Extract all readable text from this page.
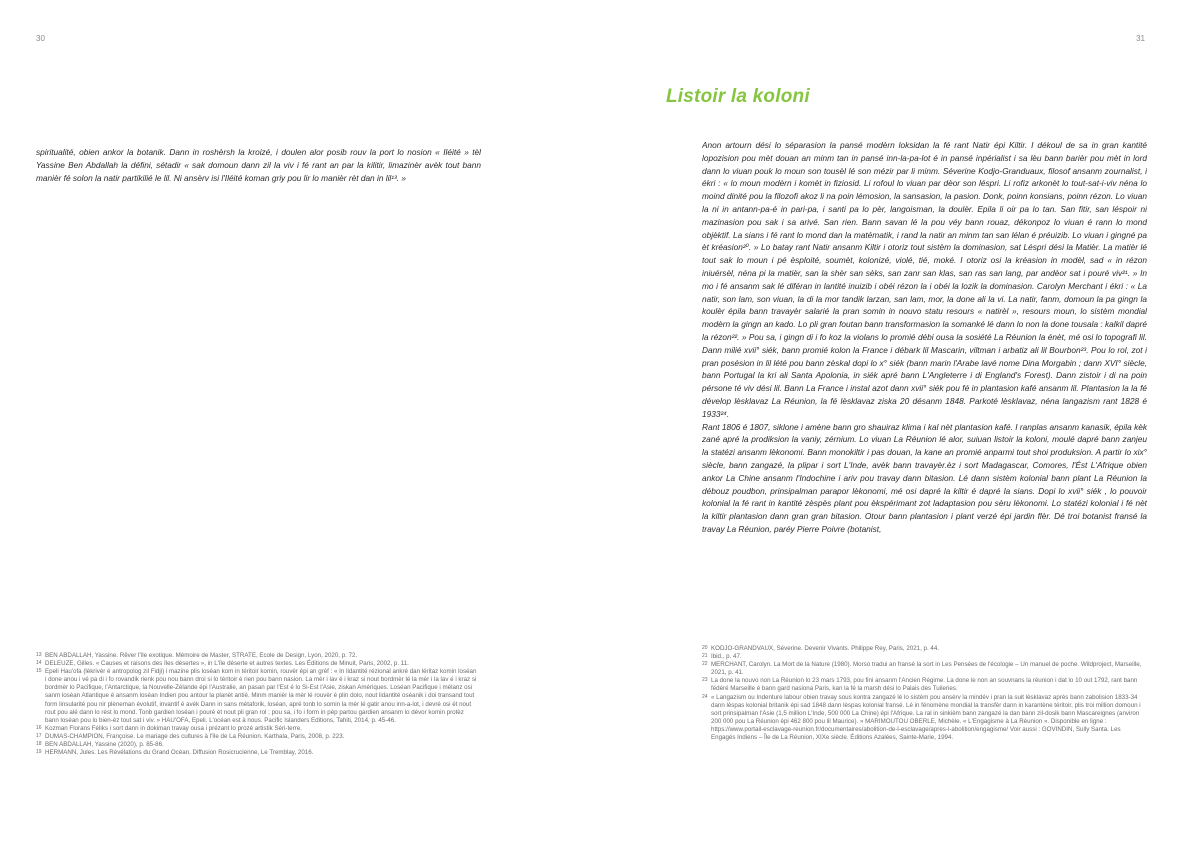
30

spiritualité, obien ankor la botanik. Dann in roshèrsh la kroizé, i doulen alor posib rouv la port lo nosion « Iléité » tèl Yassine Ben Abdallah la défini, sétadir « sak domoun dann zil la viv i fé rant an par la kilitir, limazinèr avèk tout bann manièr fé solon la natir partikilié le lil. Ni ansèrv isi l'Iléité koman griy pou lir lo manièr rèt dan in lil¹³. »

13 BEN ABDALLAH, Yassine. Rêver l'île exotique. Mémoire de Master, STRATE, École de Design, Lyon, 2020, p. 72.
14 DELEUZE, Gilles. « Causes et raisons des îles désertes », in L'île déserte et autres textes. Les Éditions de Minuit, Paris, 2002, p. 11.
15 Epeli Hau'ofa (lèkrivèr é antropolog zil Fidji) i mazine plis loséan kom in téritoir komin, rouvèr épi an grèf : « In lidantité rézional ankré dan léritaz komin loséan i done anou i vé pa di i fo rovandik rienk pou nou bann droi si lo téritoir é rien pou bann nasion. La mèr i lav é i kraz si nout bordmèr lé la mèr i la lav é i kraz si bordmèr lo Pacifique, l'Antarctique, la Nouvelle-Zélande épi l'Australie, an pasan par l'Est é lo Si-Est l'Asie, ziskan Amériques. Loséan Pacifique i mélanz osi sanm loséan Atlantique é ansanm loséan Indien pou antour la planèt antié. Minm manièr la mèr lé rouvèr é plin dolo, nout lidantité oséanik i doi transand tout form linsularité pou nir plèneman évolutif, invantif é avèk Dann in sans métaforik, loséan, apré tonb lo somin la mèr lé gatir anou inn-a-lot, i devré osi ét nout rout pou alé dann lo rèst lo mond. Tonb gardien loséan i pouré ét nout pli gran rol ; pou sa, i fo i form in pèp partou gardien ansanm lo dévor komin protèz bann loséan pou lo bien-èz tout sat i viv. » HAU'OFA, Epeli. L'océan est à nous. Pacific Islanders Editions, Tahiti, 2014, p. 45-46.
16 Kozman Florans Féliks i sort dann in dokiman travay ousa i prézant lo prozé artistik Séri-terre.
17 DUMAS-CHAMPION, Françoise. Le mariage des cultures à l'île de La Réunion. Karthala, Paris, 2008, p. 223.
18 BEN ABDALLAH, Yassine (2020), p. 85-86.
19 HERMANN, Jules. Les Révélations du Grand Océan. Diffusion Rosicrucienne, Le Tremblay, 2016.
31
Listoir la koloni

Anon artourn dési lo séparasion la pansé modèrn loksidan la fé rant Natir épi Kiltir. I dékoul de sa in gran kantité lopozision pou mèt douan an minm tan in pansé inn-la-pa-lot é in pansé inpérialist i sa lèu bann barièr pou mèt in lord dann lo viuan pouk lo moun son tousèl lé son mézir par li minm. Séverine Kodjo-Granduaux, filosof ansanm zournalist, i ékri : « lo moun modèrn i komèt in fiziosid. Li rofoul lo viuan par dèor son léspri. Li rofiz arkonèt lo tout-sat-i-viv néna lo moind dinité pou la filozofi akoz li na poin lémosion, la sansasion, la pasion. Donk, poinn konsians, poinn rézon. Lo viuan la ni in antann-pa-é in pari-pa, i santi pa lo pèr, langoisman, la doulèr. Epila li oir pa lo tan. San fitir, san léspoir ni mazinasion pou sak i sa arivé. San rien. Bann savan lé la pou véy bann rouaz, dékonpoz lo viuan é rann lo mond objèktif. La sians i fé rant lo mond dan la matématik, i rand la natir an minm tan san lélan é préuizib. Lo viuan i gingné pa èt kréasion²⁰. » Lo batay rant Natir ansanm Kiltir i otoriz tout sistèm la dominasion, sat Léspri dési la Matièr. La matièr lé tout sak lo moun i pé èsploité, soumèt, kolonizé, violé, tié, moké. I otoriz osi la kréasion in modèl, sad « in rézon iniuérsèl, néna pi la matièr, san la shèr san sèks, san zanr san klas, san ras san lang, par andèor sat i pouré viv²¹. » In mo i fé ansanm sak lé diféran in lantité inuizib i obéi rézon la i obéi la lozik la dominasion. Carolyn Merchant i ékri : « La natir, son lam, son viuan, la di la mor tandik larzan, san lam, mor, la done ali la vi. La natir, fanm, domoun la pa gingn la koulèr épila bann travayèr salarié la pran somin in nouvo statu resours « natirèl », resours moun, lo sistèm mondial modèrn la gingn an kado. Lo pli gran foutan bann transformasion la somanké lé dann lo non la done tousala : kalkil dapré la rézon²². » Pou sa, i gingn di i fo koz la violans lo promié débi ousa la sosiété La Réunion la énèt, mé osi lo topografi lil. Dann milié xvii° siék, bann promié kolon la France i débark lil Mascarin, viltman i arbatiz ali lil Bourbon²³. Pou lo rol, zot i pran posésion in lil lété pou bann zèskal dopi lo x° siék (bann marin l'Arabe lavé nome Dina Morgabin ; dann XVI° siècle, bann Portugal la kri ali Santa Apolonia, in siék apré bann L'Angleterre i di England's Forest). Dann zistoir i di na poin pérsone té viv dési lil. Bann La France i instal azot dann xvii° siék pou fé in plantasion kafé ansanm lil. Plantasion la la fé dévelop lèsklavaz La Réunion, la fé lèsklavaz ziska 20 désanm 1848. Parkoté lèsklavaz, néna langazism rant 1828 é 1933²⁴.

Rant 1806 é 1807, siklone i amène bann gro shauiraz klima i kal nèt plantasion kafé. I ranplas ansanm kanasik, épila kèk zané apré la prodiksion la vaniy, zérnium. Lo viuan La Réunion lé alor, suiuan listoir la koloni, moulé dapré bann zanjeu la statézi ansanm lèkonomi. Bann monokiltir i pas douan, la kane an promié anparmi tout shoi produksion. A partir lo xix° siècle, bann zangazé, la plipar i sort L'Inde, avèk bann travayèr.èz i sort Madagascar, Comores, l'Ést L'Afrique obien ankor La Chine ansanm l'Indochine i ariv pou travay dann bitasion. Lé dann sistèm kolonial bann plant La Réunion la débouz poudbon, prinsipalman parapor lèkonomi, mé osi dapré la kiltir é dapré la sians. Dopi lo xvii° siék , lo pouvoir kolonial la fé rant in kantité zèspès plant pou èkspérimant zot ladaptasion pou sèru lèkonomi. Lo statézi kolonial i fé nèt la kiltir plantasion dann gran gran bitasion. Otour bann plantasion i plant verzé épi jardin flèr. Dé troi botanist fransé la travay La Réunion, paréy Pierre Poivre (botanist,

20 KODJO-GRANDVAUX, Séverine. Devenir Vivants. Philippe Rey, Paris, 2021, p. 44.
21 Ibid., p. 47.
22 MERCHANT, Carolyn. La Mort de la Nature (1980). Morso tradui an fransé la sort in Les Pensées de l'écologie – Un manuel de poche. Wildproject, Marseille, 2021, p. 41.
23 La done la nouvo non La Réunion lo 23 mars 1793, pou fini ansanm l'Ancien Régime. La done le non an souvnans la réunion i dat lo 10 out 1792, rant bann fédéré Marseille é bann gard nasiona Paris, kan la fé la marsh dési lo Palais des Tuileries.
24 « Langazism ou Indenture labour obien travay sous kontra zangazé lé lo sistèm pou ansèrv la mindév i pran la suit lèsklavaz après bann zabolision 1833-34 dann lèspas kolonial britanik épi sad 1848 dann lèspas kolonial fransé. Lé in fénomène mondial la transfèr dann in karantène téritoir, plis troi million domoun i sort prinsipalman l'Asie (1,5 million L'Inde, 500 000 La Chine) épi l'Afrique. La ral in sinkièm bann zangazé la dan bann zil-dosik bann Mascareignes (anviron 200 000 pou La Réunion épi 462 800 pou lil Maurice). » MARIMOUTOU OBERLE, Michèle. « L'Engagisme à La Réunion ». Disponible en ligne : https://www.portail-esclavage-reunion.fr/documentaires/abolition-de-l-esclavage/apres-l-abolition/engagisme/ Voir aussi : GOVINDIN, Sully Santa. Les Engagés Indiens – Île de La Réunion, XIXe siècle. Éditions Azalées, Sainte-Marie, 1994.
